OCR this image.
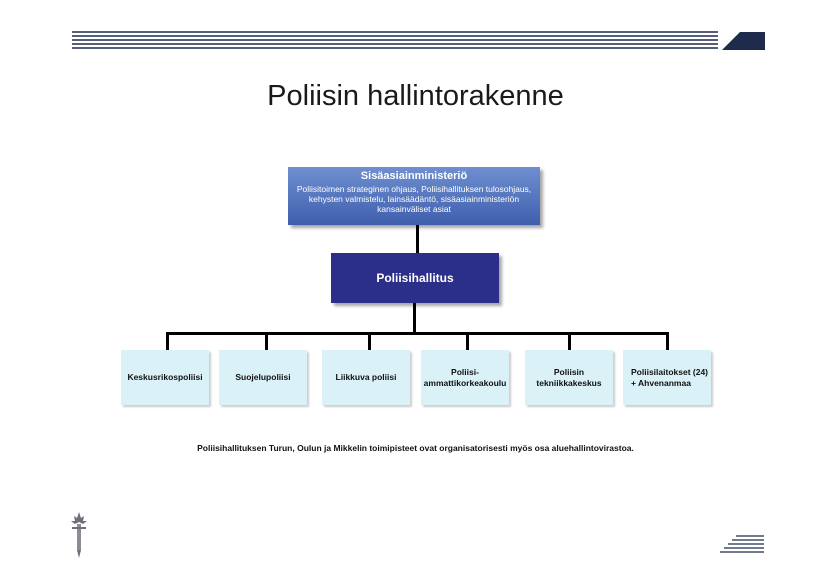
Poliisin hallintorakenne
Sisäasiainministeriö
Poliisitoimen strateginen ohjaus, Poliisihallituksen tulosohjaus, kehysten valmistelu, lainsäädäntö, sisäasiainministeriön kansainväliset asiat
Poliisihallitus
Keskusrikospoliisi	Suojelupoliisi	Liikkuva poliisi
Poliisi-
ammattikorkeakoulu
Poliisin
tekniikkakeskus
Poliisilaitokset (24)
+ Ahvenanmaa
Poliisihallituksen Turun, Oulun ja Mikkelin toimipisteet ovat organisatorisesti myös osa aluehallintovirastoa.
